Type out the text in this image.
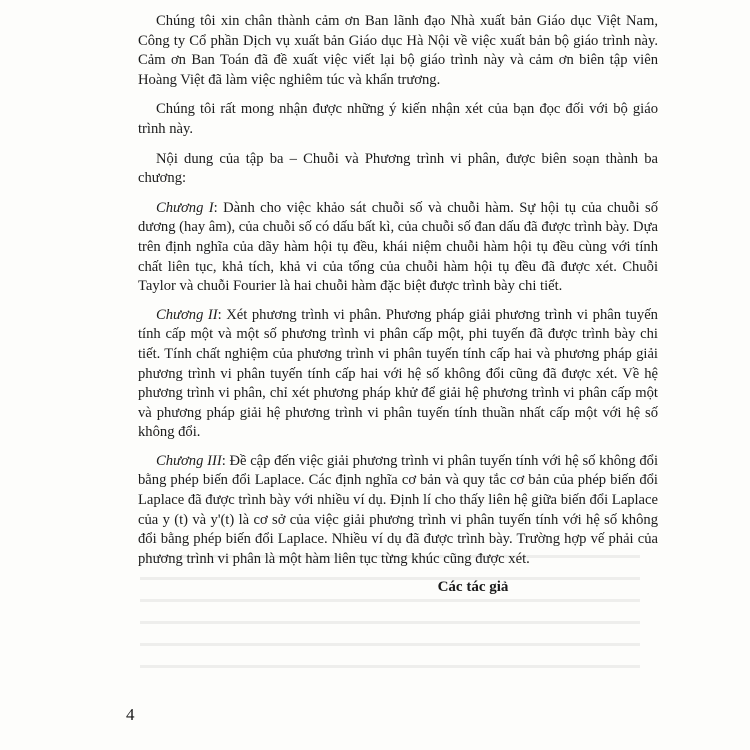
Chúng tôi xin chân thành cảm ơn Ban lãnh đạo Nhà xuất bản Giáo dục Việt Nam, Công ty Cổ phần Dịch vụ xuất bản Giáo dục Hà Nội về việc xuất bản bộ giáo trình này. Cảm ơn Ban Toán đã đề xuất việc viết lại bộ giáo trình này và cảm ơn biên tập viên Hoàng Việt đã làm việc nghiêm túc và khẩn trương.

Chúng tôi rất mong nhận được những ý kiến nhận xét của bạn đọc đối với bộ giáo trình này.

Nội dung của tập ba – Chuỗi và Phương trình vi phân, được biên soạn thành ba chương:

Chương I: Dành cho việc khảo sát chuỗi số và chuỗi hàm. Sự hội tụ của chuỗi số dương (hay âm), của chuỗi số có dấu bất kì, của chuỗi số đan dấu đã được trình bày. Dựa trên định nghĩa của dãy hàm hội tụ đều, khái niệm chuỗi hàm hội tụ đều cùng với tính chất liên tục, khả tích, khả vi của tổng của chuỗi hàm hội tụ đều đã được xét. Chuỗi Taylor và chuỗi Fourier là hai chuỗi hàm đặc biệt được trình bày chi tiết.

Chương II: Xét phương trình vi phân. Phương pháp giải phương trình vi phân tuyến tính cấp một và một số phương trình vi phân cấp một, phi tuyến đã được trình bày chi tiết. Tính chất nghiệm của phương trình vi phân tuyến tính cấp hai và phương pháp giải phương trình vi phân tuyến tính cấp hai với hệ số không đổi cũng đã được xét. Về hệ phương trình vi phân, chỉ xét phương pháp khử để giải hệ phương trình vi phân cấp một và phương pháp giải hệ phương trình vi phân tuyến tính thuần nhất cấp một với hệ số không đổi.

Chương III: Đề cập đến việc giải phương trình vi phân tuyến tính với hệ số không đổi bằng phép biến đổi Laplace. Các định nghĩa cơ bản và quy tắc cơ bản của phép biến đổi Laplace đã được trình bày với nhiều ví dụ. Định lí cho thấy liên hệ giữa biến đổi Laplace của y (t) và y'(t) là cơ sở của việc giải phương trình vi phân tuyến tính với hệ số không đổi bằng phép biến đổi Laplace. Nhiều ví dụ đã được trình bày. Trường hợp vế phải của phương trình vi phân là một hàm liên tục từng khúc cũng được xét.

Các tác giả
4
